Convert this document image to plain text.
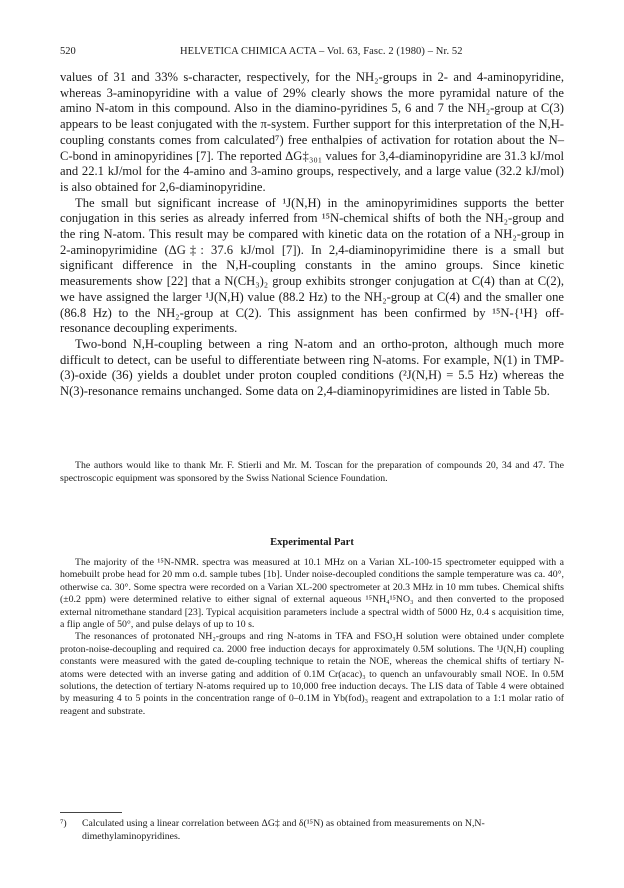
520	HELVETICA CHIMICA ACTA – Vol. 63, Fasc. 2 (1980) – Nr. 52

values of 31 and 33% s-character, respectively, for the NH₂-groups in 2- and 4-aminopyridine, whereas 3-aminopyridine with a value of 29% clearly shows the more pyramidal nature of the amino N-atom in this compound. Also in the diamino-pyridines 5, 6 and 7 the NH₂-group at C(3) appears to be least conjugated with the π-system. Further support for this interpretation of the N,H-coupling constants comes from calculated⁷) free enthalpies of activation for rotation about the N–C-bond in aminopyridines [7]. The reported ΔG‡₃₀₁ values for 3,4-diaminopyridine are 31.3 kJ/mol and 22.1 kJ/mol for the 4-amino and 3-amino groups, respectively, and a large value (32.2 kJ/mol) is also obtained for 2,6-diaminopyridine.

The small but significant increase of ¹J(N,H) in the aminopyrimidines supports the better conjugation in this series as already inferred from ¹⁵N-chemical shifts of both the NH₂-group and the ring N-atom. This result may be compared with kinetic data on the rotation of a NH₂-group in 2-aminopyrimidine (ΔG‡: 37.6 kJ/mol [7]). In 2,4-diaminopyrimidine there is a small but significant difference in the N,H-coupling constants in the amino groups. Since kinetic measurements show [22] that a N(CH₃)₂ group exhibits stronger conjugation at C(4) than at C(2), we have assigned the larger ¹J(N,H) value (88.2 Hz) to the NH₂-group at C(4) and the smaller one (86.8 Hz) to the NH₂-group at C(2). This assignment has been confirmed by ¹⁵N-{¹H} off-resonance decoupling experiments.

Two-bond N,H-coupling between a ring N-atom and an ortho-proton, although much more difficult to detect, can be useful to differentiate between ring N-atoms. For example, N(1) in TMP-(3)-oxide (36) yields a doublet under proton coupled conditions (²J(N,H) = 5.5 Hz) whereas the N(3)-resonance remains unchanged. Some data on 2,4-diaminopyrimidines are listed in Table 5b.

The authors would like to thank Mr. F. Stierli and Mr. M. Toscan for the preparation of compounds 20, 34 and 47. The spectroscopic equipment was sponsored by the Swiss National Science Foundation.

Experimental Part

The majority of the ¹⁵N-NMR. spectra was measured at 10.1 MHz on a Varian XL-100-15 spectrometer equipped with a homebuilt probe head for 20 mm o.d. sample tubes [1b]. Under noise-decoupled conditions the sample temperature was ca. 40°, otherwise ca. 30°. Some spectra were recorded on a Varian XL-200 spectrometer at 20.3 MHz in 10 mm tubes. Chemical shifts (±0.2 ppm) were determined relative to either signal of external aqueous ¹⁵NH₄¹⁵NO₃ and then converted to the proposed external nitromethane standard [23]. Typical acquisition parameters include a spectral width of 5000 Hz, 0.4 s acquisition time, a flip angle of 50°, and pulse delays of up to 10 s.

The resonances of protonated NH₂-groups and ring N-atoms in TFA and FSO₃H solution were obtained under complete proton-noise-decoupling and required ca. 2000 free induction decays for approximately 0.5M solutions. The ¹J(N,H) coupling constants were measured with the gated de-coupling technique to retain the NOE, whereas the chemical shifts of tertiary N-atoms were detected with an inverse gating and addition of 0.1M Cr(acac)₃ to quench an unfavourably small NOE. In 0.5M solutions, the detection of tertiary N-atoms required up to 10,000 free induction decays. The LIS data of Table 4 were obtained by measuring 4 to 5 points in the concentration range of 0–0.1M in Yb(fod)₃ reagent and extrapolation to a 1:1 molar ratio of reagent and substrate.

⁷) Calculated using a linear correlation between ΔG‡ and δ(¹⁵N) as obtained from measurements on N,N-dimethylaminopyridines.
